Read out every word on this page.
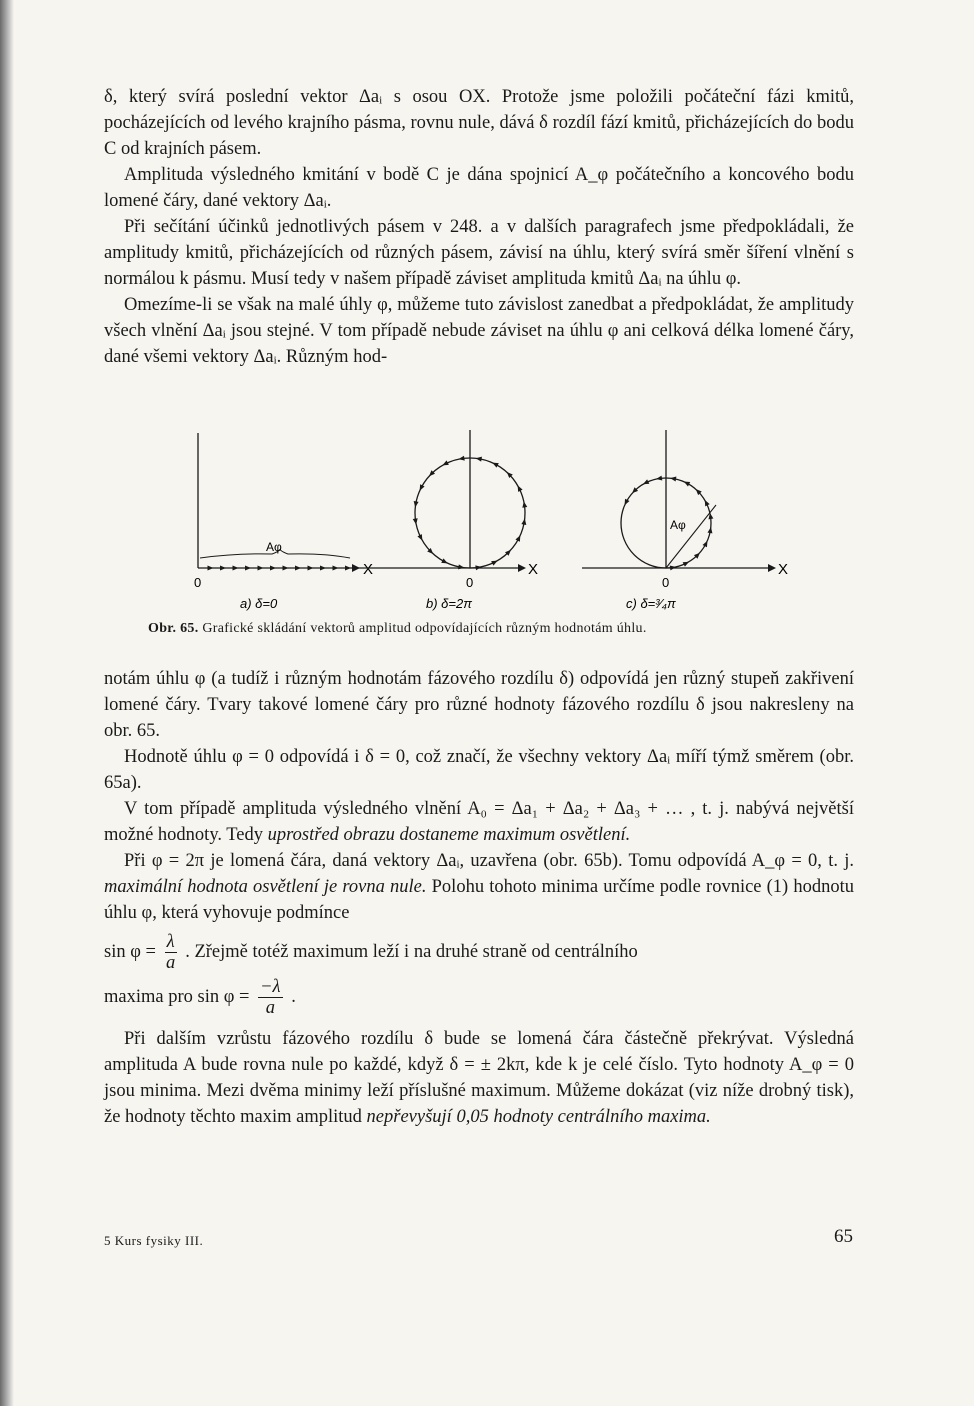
δ, který svírá poslední vektor Δaᵢ s osou OX. Protože jsme položili počáteční fázi kmitů, pocházejících od levého krajního pásma, rovnu nule, dává δ rozdíl fází kmitů, přicházejících do bodu C od krajních pásem.

Amplituda výsledného kmitání v bodě C je dána spojnicí A_φ počátečního a koncového bodu lomené čáry, dané vektory Δaᵢ.

Při sečítání účinků jednotlivých pásem v 248. a v dalších paragrafech jsme předpokládali, že amplitudy kmitů, přicházejících od různých pásem, závisí na úhlu, který svírá směr šíření vlnění s normálou k pásmu. Musí tedy v našem případě záviset amplituda kmitů Δaᵢ na úhlu φ.

Omezíme-li se však na malé úhly φ, můžeme tuto závislost zanedbat a předpokládat, že amplitudy všech vlnění Δaᵢ jsou stejné. V tom případě nebude záviset na úhlu φ ani celková délka lomené čáry, dané všemi vektory Δaᵢ. Různým hod-

Aφ
X
0
a) δ=0
X
0
b) δ=2π
Aφ
X
0
c) δ=³⁄₄π
Obr. 65. Grafické skládání vektorů amplitud odpovídajících různým hodnotám úhlu.

notám úhlu φ (a tudíž i různým hodnotám fázového rozdílu δ) odpovídá jen různý stupeň zakřivení lomené čáry. Tvary takové lomené čáry pro různé hodnoty fázového rozdílu δ jsou nakresleny na obr. 65.

Hodnotě úhlu φ = 0 odpovídá i δ = 0, což značí, že všechny vektory Δaᵢ míří týmž směrem (obr. 65a).

V tom případě amplituda výsledného vlnění A₀ = Δa₁ + Δa₂ + Δa₃ + … , t. j. nabývá největší možné hodnoty. Tedy uprostřed obrazu dostaneme maximum osvětlení.

Při φ = 2π je lomená čára, daná vektory Δaᵢ, uzavřena (obr. 65b). Tomu odpovídá A_φ = 0, t. j. maximální hodnota osvětlení je rovna nule. Polohu tohoto minima určíme podle rovnice (1) hodnotu úhlu φ, která vyhovuje podmínce

$\sin \varphi = \frac{\lambda}{a}$ . Zřejmě totéž maximum leží i na druhé straně od centrálního

maxima pro $\sin \varphi = \frac{-\lambda}{a}$ .

Při dalším vzrůstu fázového rozdílu δ bude se lomená čára částečně překrývat. Výsledná amplituda A bude rovna nule po každé, když δ = ± 2kπ, kde k je celé číslo. Tyto hodnoty A_φ = 0 jsou minima. Mezi dvěma minimy leží příslušné maximum. Můžeme dokázat (viz níže drobný tisk), že hodnoty těchto maxim amplitud nepřevyšují 0,05 hodnoty centrálního maxima.

5 Kurs fysiky III.	65
